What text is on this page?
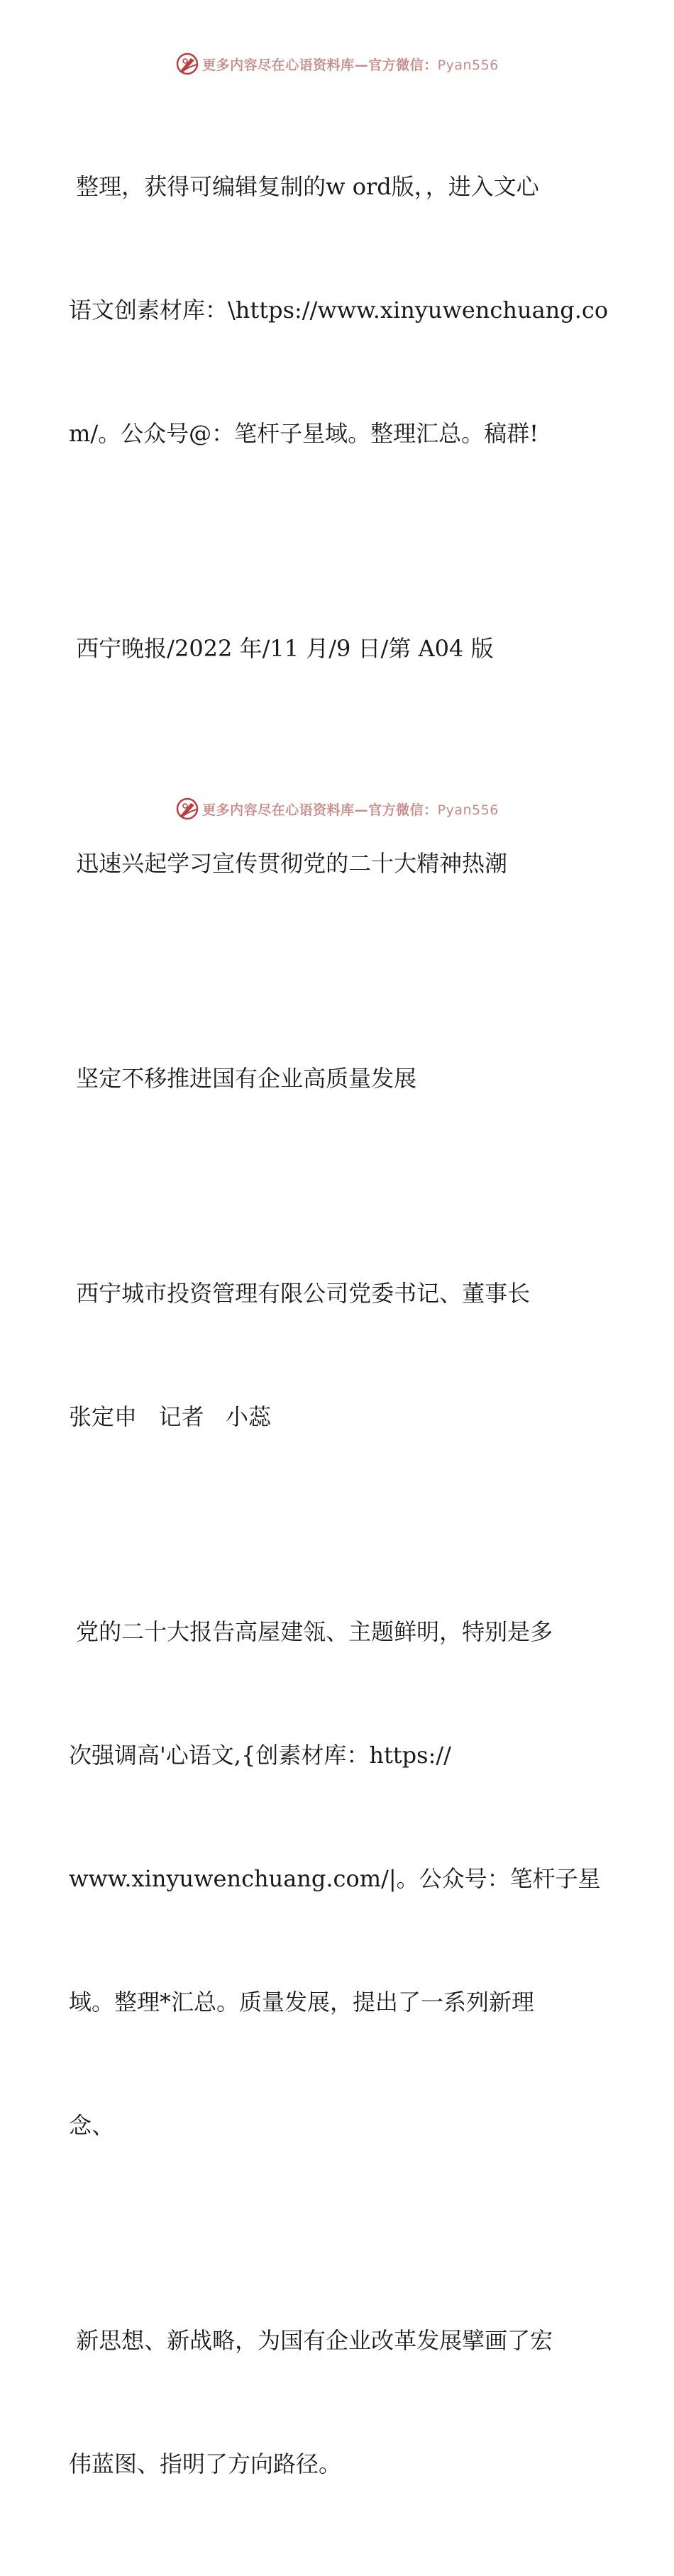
更多内容尽在心语资料库—官方微信：Pyan556

整理，获得可编辑复制的w ord版，，进入文心

语文创素材库：\https://www.xinyuwenchuang.co

m/。公众号@：笔杆子星域。整理汇总。稿群!

西宁晚报/2022 年/11 月/9 日/第 A04 版

迅速兴起学习宣传贯彻党的二十大精神热潮

坚定不移推进国有企业高质量发展

西宁城市投资管理有限公司党委书记、董事长

张定申   记者   小蕊

党的二十大报告高屋建瓴、主题鲜明，特别是多

次强调高'心语文,{创素材库：https://

www.xinyuwenchuang.com/|。公众号：笔杆子星

域。整理*汇总。质量发展，提出了一系列新理

念、

新思想、新战略，为国有企业改革发展擘画了宏

伟蓝图、指明了方向路径。

更多内容尽在心语资料库—官方微信：Pyan556
